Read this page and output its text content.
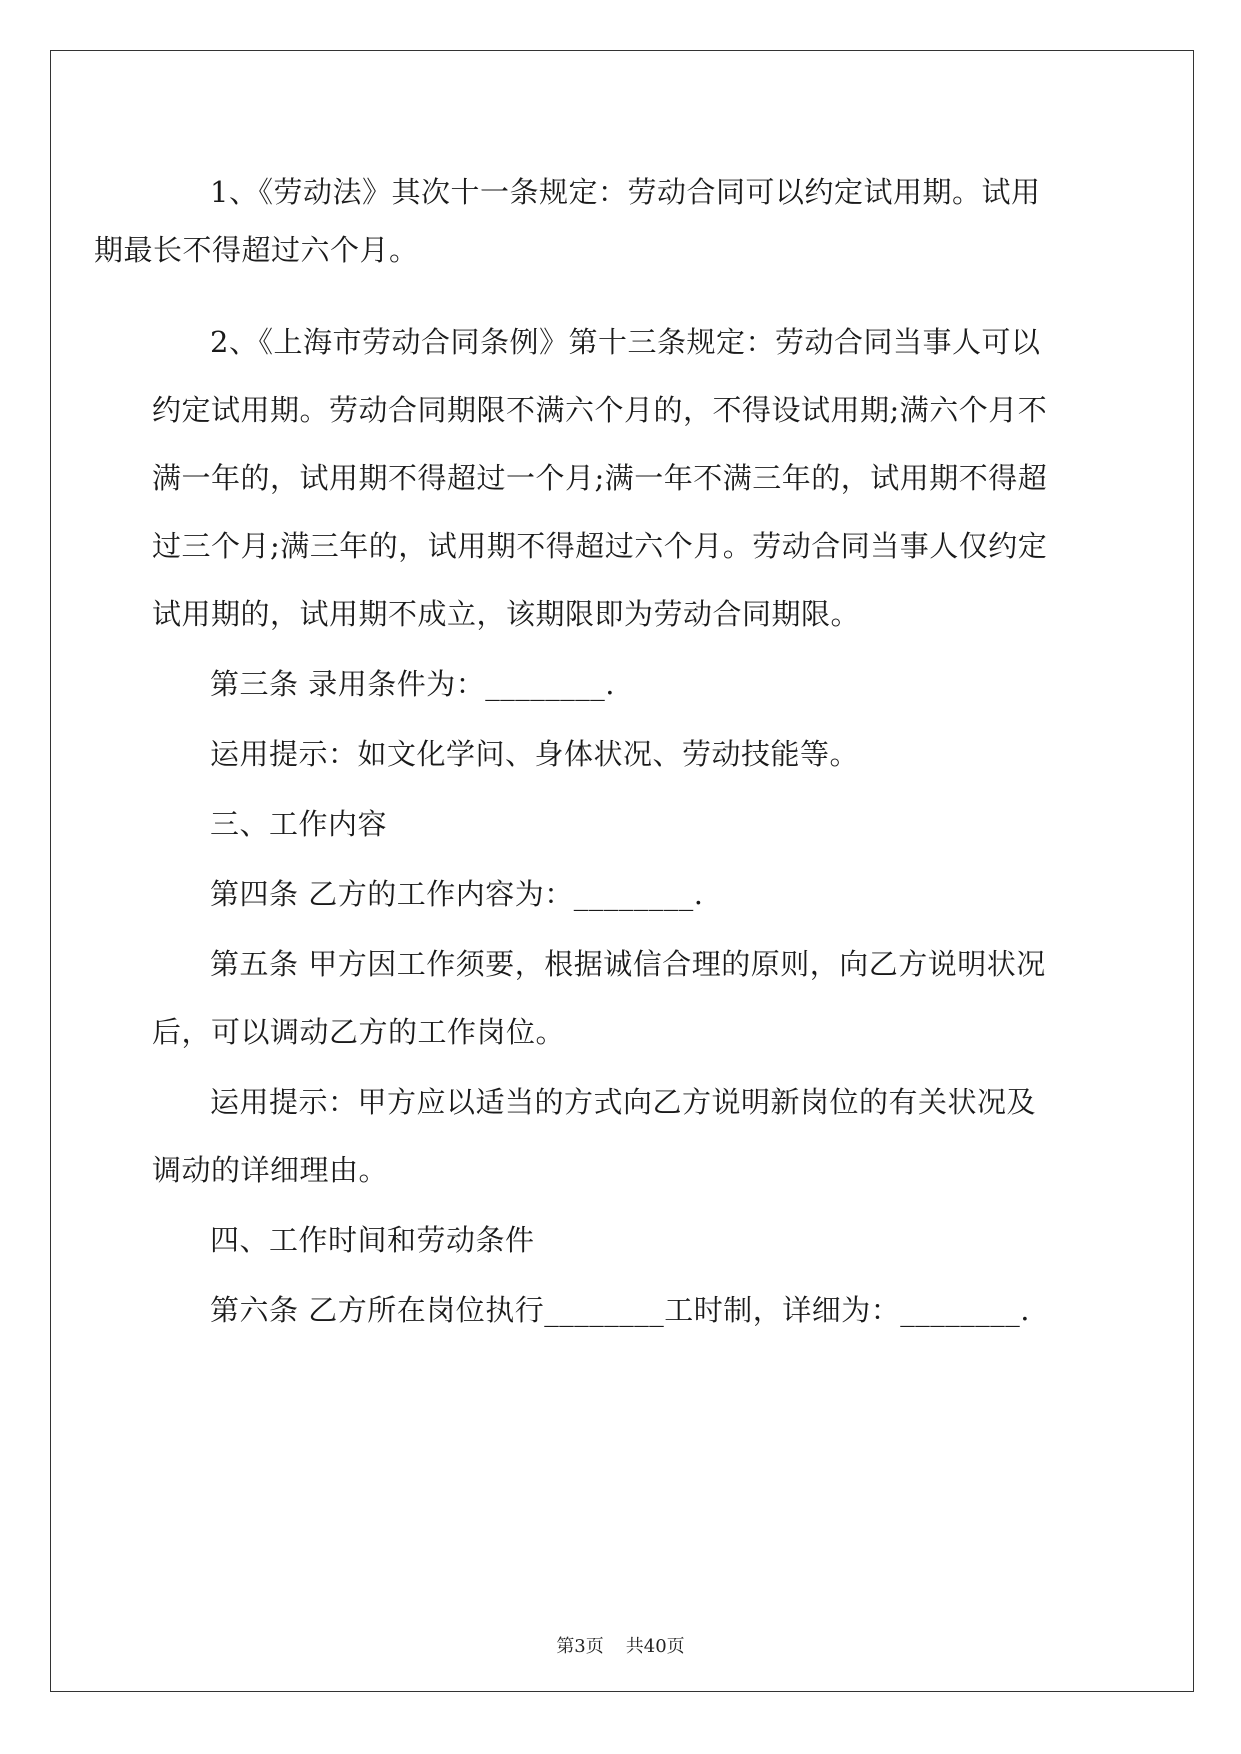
1、《劳动法》其次十一条规定：劳动合同可以约定试用期。试用
期最长不得超过六个月。

2、《上海市劳动合同条例》第十三条规定：劳动合同当事人可以
约定试用期。劳动合同期限不满六个月的，不得设试用期;满六个月不
满一年的，试用期不得超过一个月;满一年不满三年的，试用期不得超
过三个月;满三年的，试用期不得超过六个月。劳动合同当事人仅约定
试用期的，试用期不成立，该期限即为劳动合同期限。

第三条 录用条件为：________.

运用提示：如文化学问、身体状况、劳动技能等。

三、工作内容

第四条 乙方的工作内容为：________.

第五条 甲方因工作须要，根据诚信合理的原则，向乙方说明状况
后，可以调动乙方的工作岗位。

运用提示：甲方应以适当的方式向乙方说明新岗位的有关状况及
调动的详细理由。

四、工作时间和劳动条件

第六条 乙方所在岗位执行________工时制，详细为：________.

第3页 共40页
